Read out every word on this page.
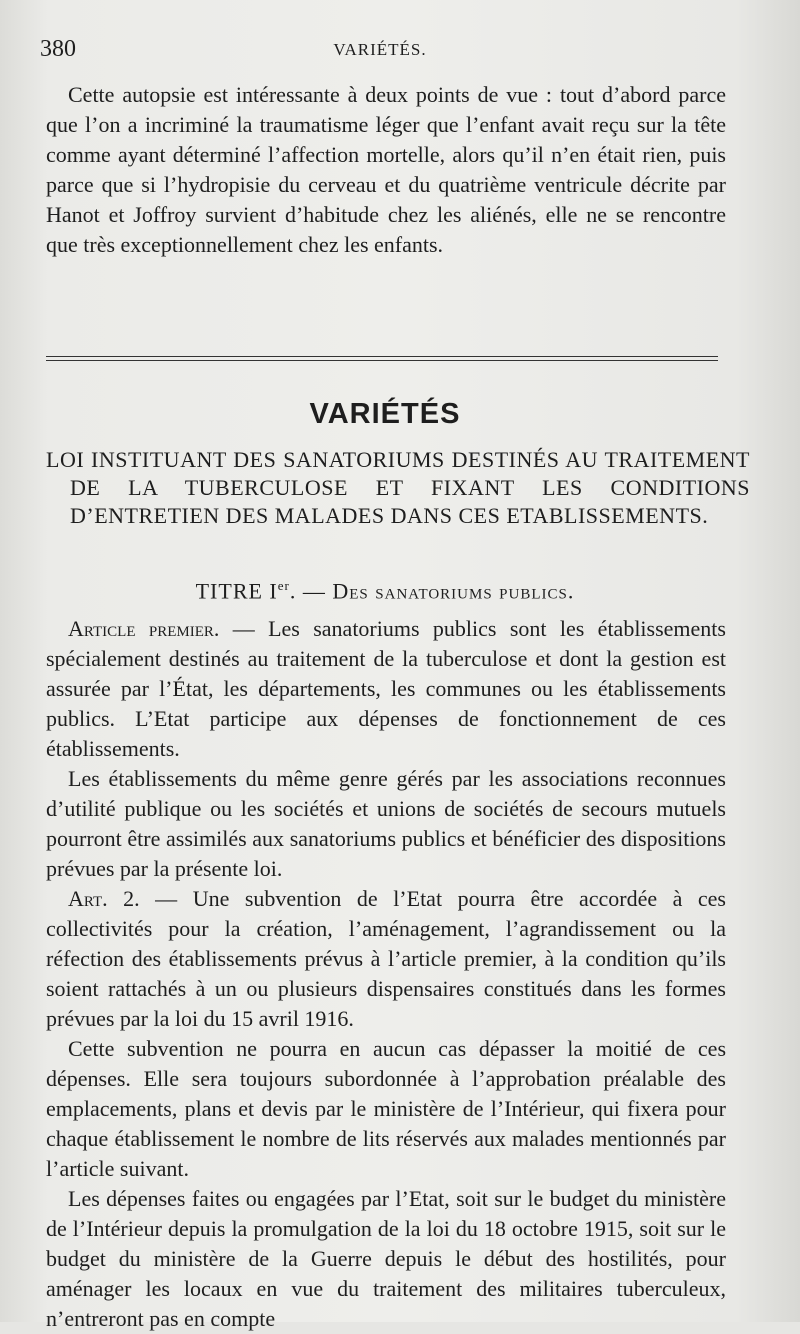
380	VARIÉTÉS.

Cette autopsie est intéressante à deux points de vue : tout d’abord parce que l’on a incriminé la traumatisme léger que l’enfant avait reçu sur la tête comme ayant déterminé l’affection mortelle, alors qu’il n’en était rien, puis parce que si l’hydropisie du cerveau et du quatrième ventricule décrite par Hanot et Joffroy survient d’habitude chez les aliénés, elle ne se rencontre que très exceptionnellement chez les enfants.

VARIÉTÉS

LOI INSTITUANT DES SANATORIUMS DESTINÉS AU TRAITEMENT DE LA TUBERCULOSE ET FIXANT LES CONDITIONS D’ENTRETIEN DES MALADES DANS CES ETABLISSEMENTS.

TITRE Ier. — Des sanatoriums publics.

Article premier. — Les sanatoriums publics sont les établissements spécialement destinés au traitement de la tuberculose et dont la gestion est assurée par l’État, les départements, les communes ou les établissements publics. L’Etat participe aux dépenses de fonctionnement de ces établissements.

Les établissements du même genre gérés par les associations reconnues d’utilité publique ou les sociétés et unions de sociétés de secours mutuels pourront être assimilés aux sanatoriums publics et bénéficier des dispositions prévues par la présente loi.

Art. 2. — Une subvention de l’Etat pourra être accordée à ces collectivités pour la création, l’aménagement, l’agrandissement ou la réfection des établissements prévus à l’article premier, à la condition qu’ils soient rattachés à un ou plusieurs dispensaires constitués dans les formes prévues par la loi du 15 avril 1916.

Cette subvention ne pourra en aucun cas dépasser la moitié de ces dépenses. Elle sera toujours subordonnée à l’approbation préalable des emplacements, plans et devis par le ministère de l’Intérieur, qui fixera pour chaque établissement le nombre de lits réservés aux malades mentionnés par l’article suivant.

Les dépenses faites ou engagées par l’Etat, soit sur le budget du ministère de l’Intérieur depuis la promulgation de la loi du 18 octobre 1915, soit sur le budget du ministère de la Guerre depuis le début des hostilités, pour aménager les locaux en vue du traitement des militaires tuberculeux, n’entreront pas en compte
